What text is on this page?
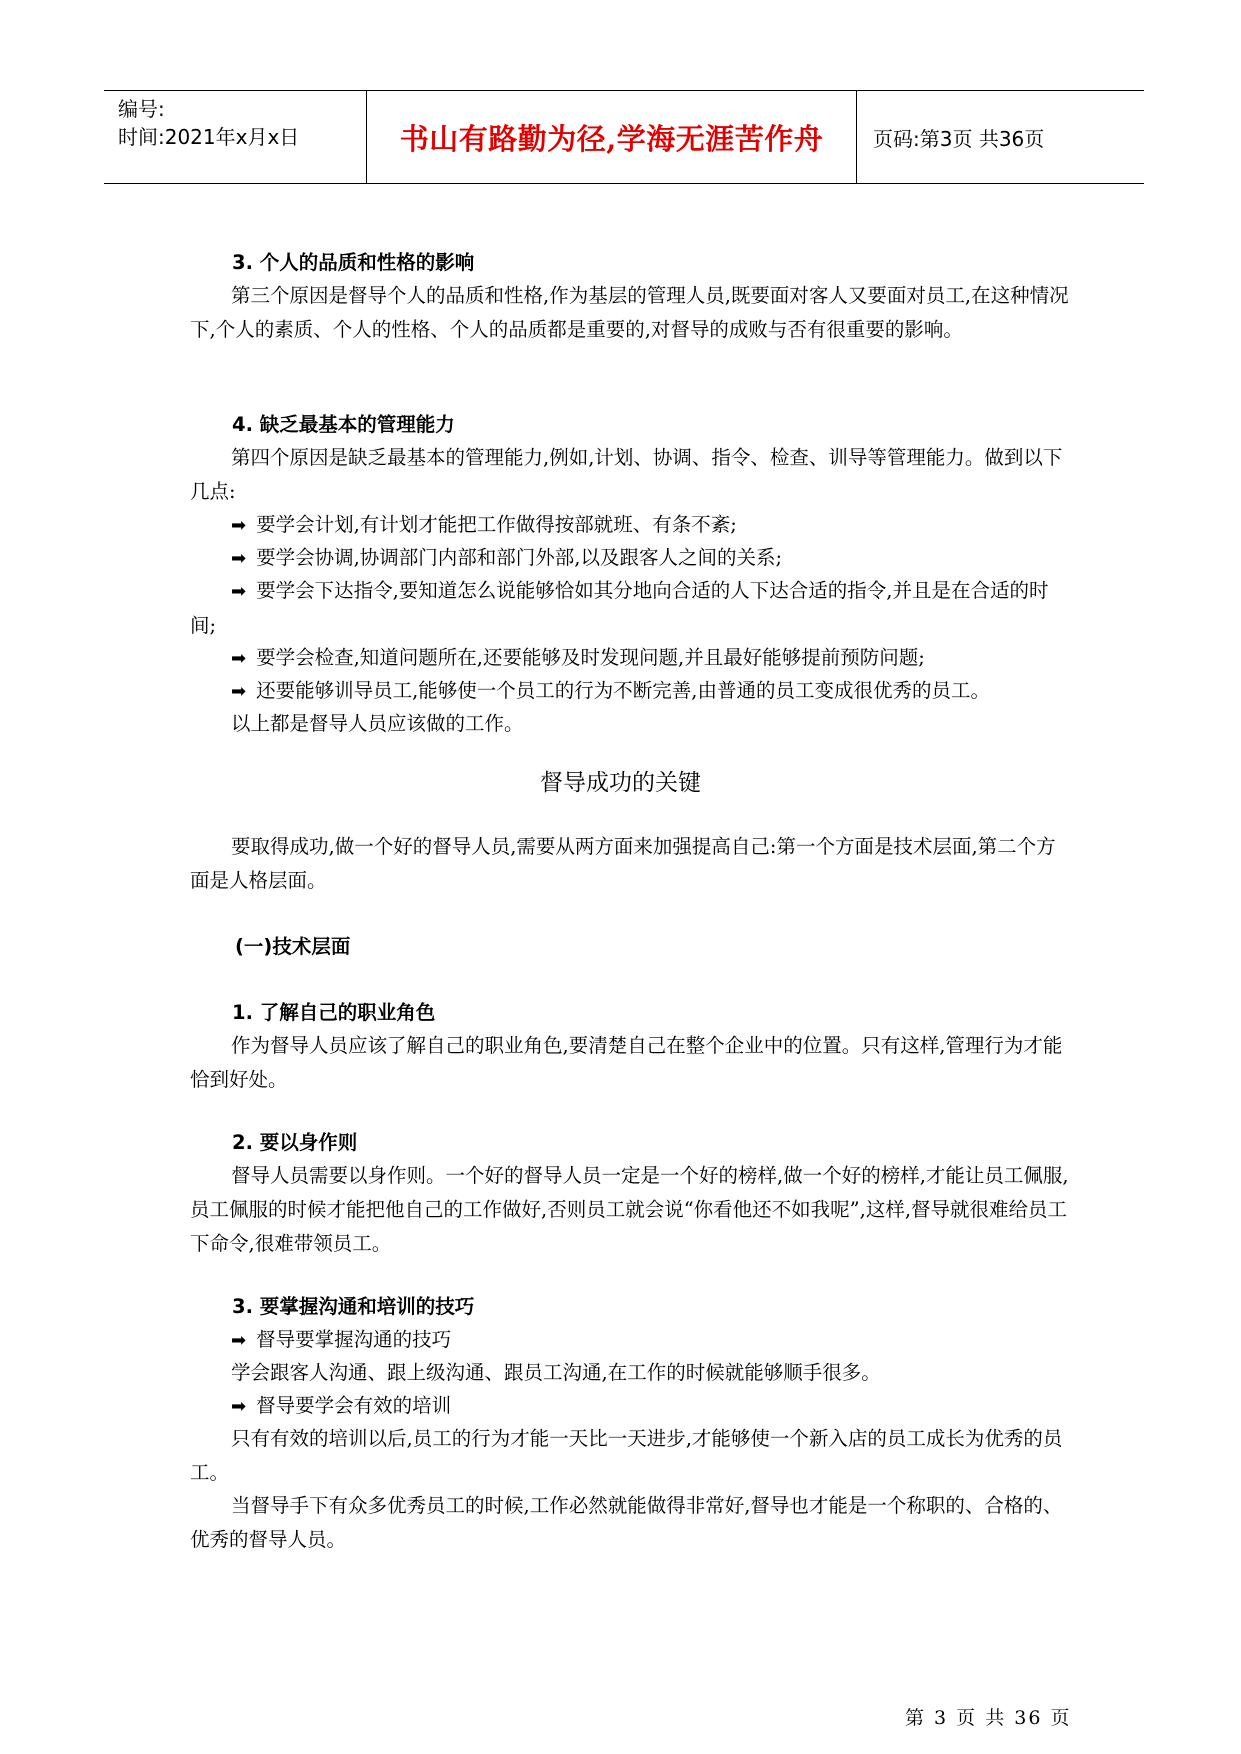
编号:
时间:2021年x月x日	书山有路勤为径,学海无涯苦作舟	页码:第3页 共36页

3. 个人的品质和性格的影响

第三个原因是督导个人的品质和性格,作为基层的管理人员,既要面对客人又要面对员工,在这种情况下,个人的素质、个人的性格、个人的品质都是重要的,对督导的成败与否有很重要的影响。

4. 缺乏最基本的管理能力

第四个原因是缺乏最基本的管理能力,例如,计划、协调、指令、检查、训导等管理能力。做到以下几点:

➡ 要学会计划,有计划才能把工作做得按部就班、有条不紊;

➡ 要学会协调,协调部门内部和部门外部,以及跟客人之间的关系;

➡ 要学会下达指令,要知道怎么说能够恰如其分地向合适的人下达合适的指令,并且是在合适的时间;

➡ 要学会检查,知道问题所在,还要能够及时发现问题,并且最好能够提前预防问题;

➡ 还要能够训导员工,能够使一个员工的行为不断完善,由普通的员工变成很优秀的员工。

以上都是督导人员应该做的工作。

督导成功的关键

要取得成功,做一个好的督导人员,需要从两方面来加强提高自己:第一个方面是技术层面,第二个方面是人格层面。

(一)技术层面

1. 了解自己的职业角色

作为督导人员应该了解自己的职业角色,要清楚自己在整个企业中的位置。只有这样,管理行为才能恰到好处。

2. 要以身作则

督导人员需要以身作则。一个好的督导人员一定是一个好的榜样,做一个好的榜样,才能让员工佩服,员工佩服的时候才能把他自己的工作做好,否则员工就会说“你看他还不如我呢”,这样,督导就很难给员工下命令,很难带领员工。

3. 要掌握沟通和培训的技巧

➡ 督导要掌握沟通的技巧

学会跟客人沟通、跟上级沟通、跟员工沟通,在工作的时候就能够顺手很多。

➡ 督导要学会有效的培训

只有有效的培训以后,员工的行为才能一天比一天进步,才能够使一个新入店的员工成长为优秀的员工。

当督导手下有众多优秀员工的时候,工作必然就能做得非常好,督导也才能是一个称职的、合格的、优秀的督导人员。

第 3 页 共 36 页
